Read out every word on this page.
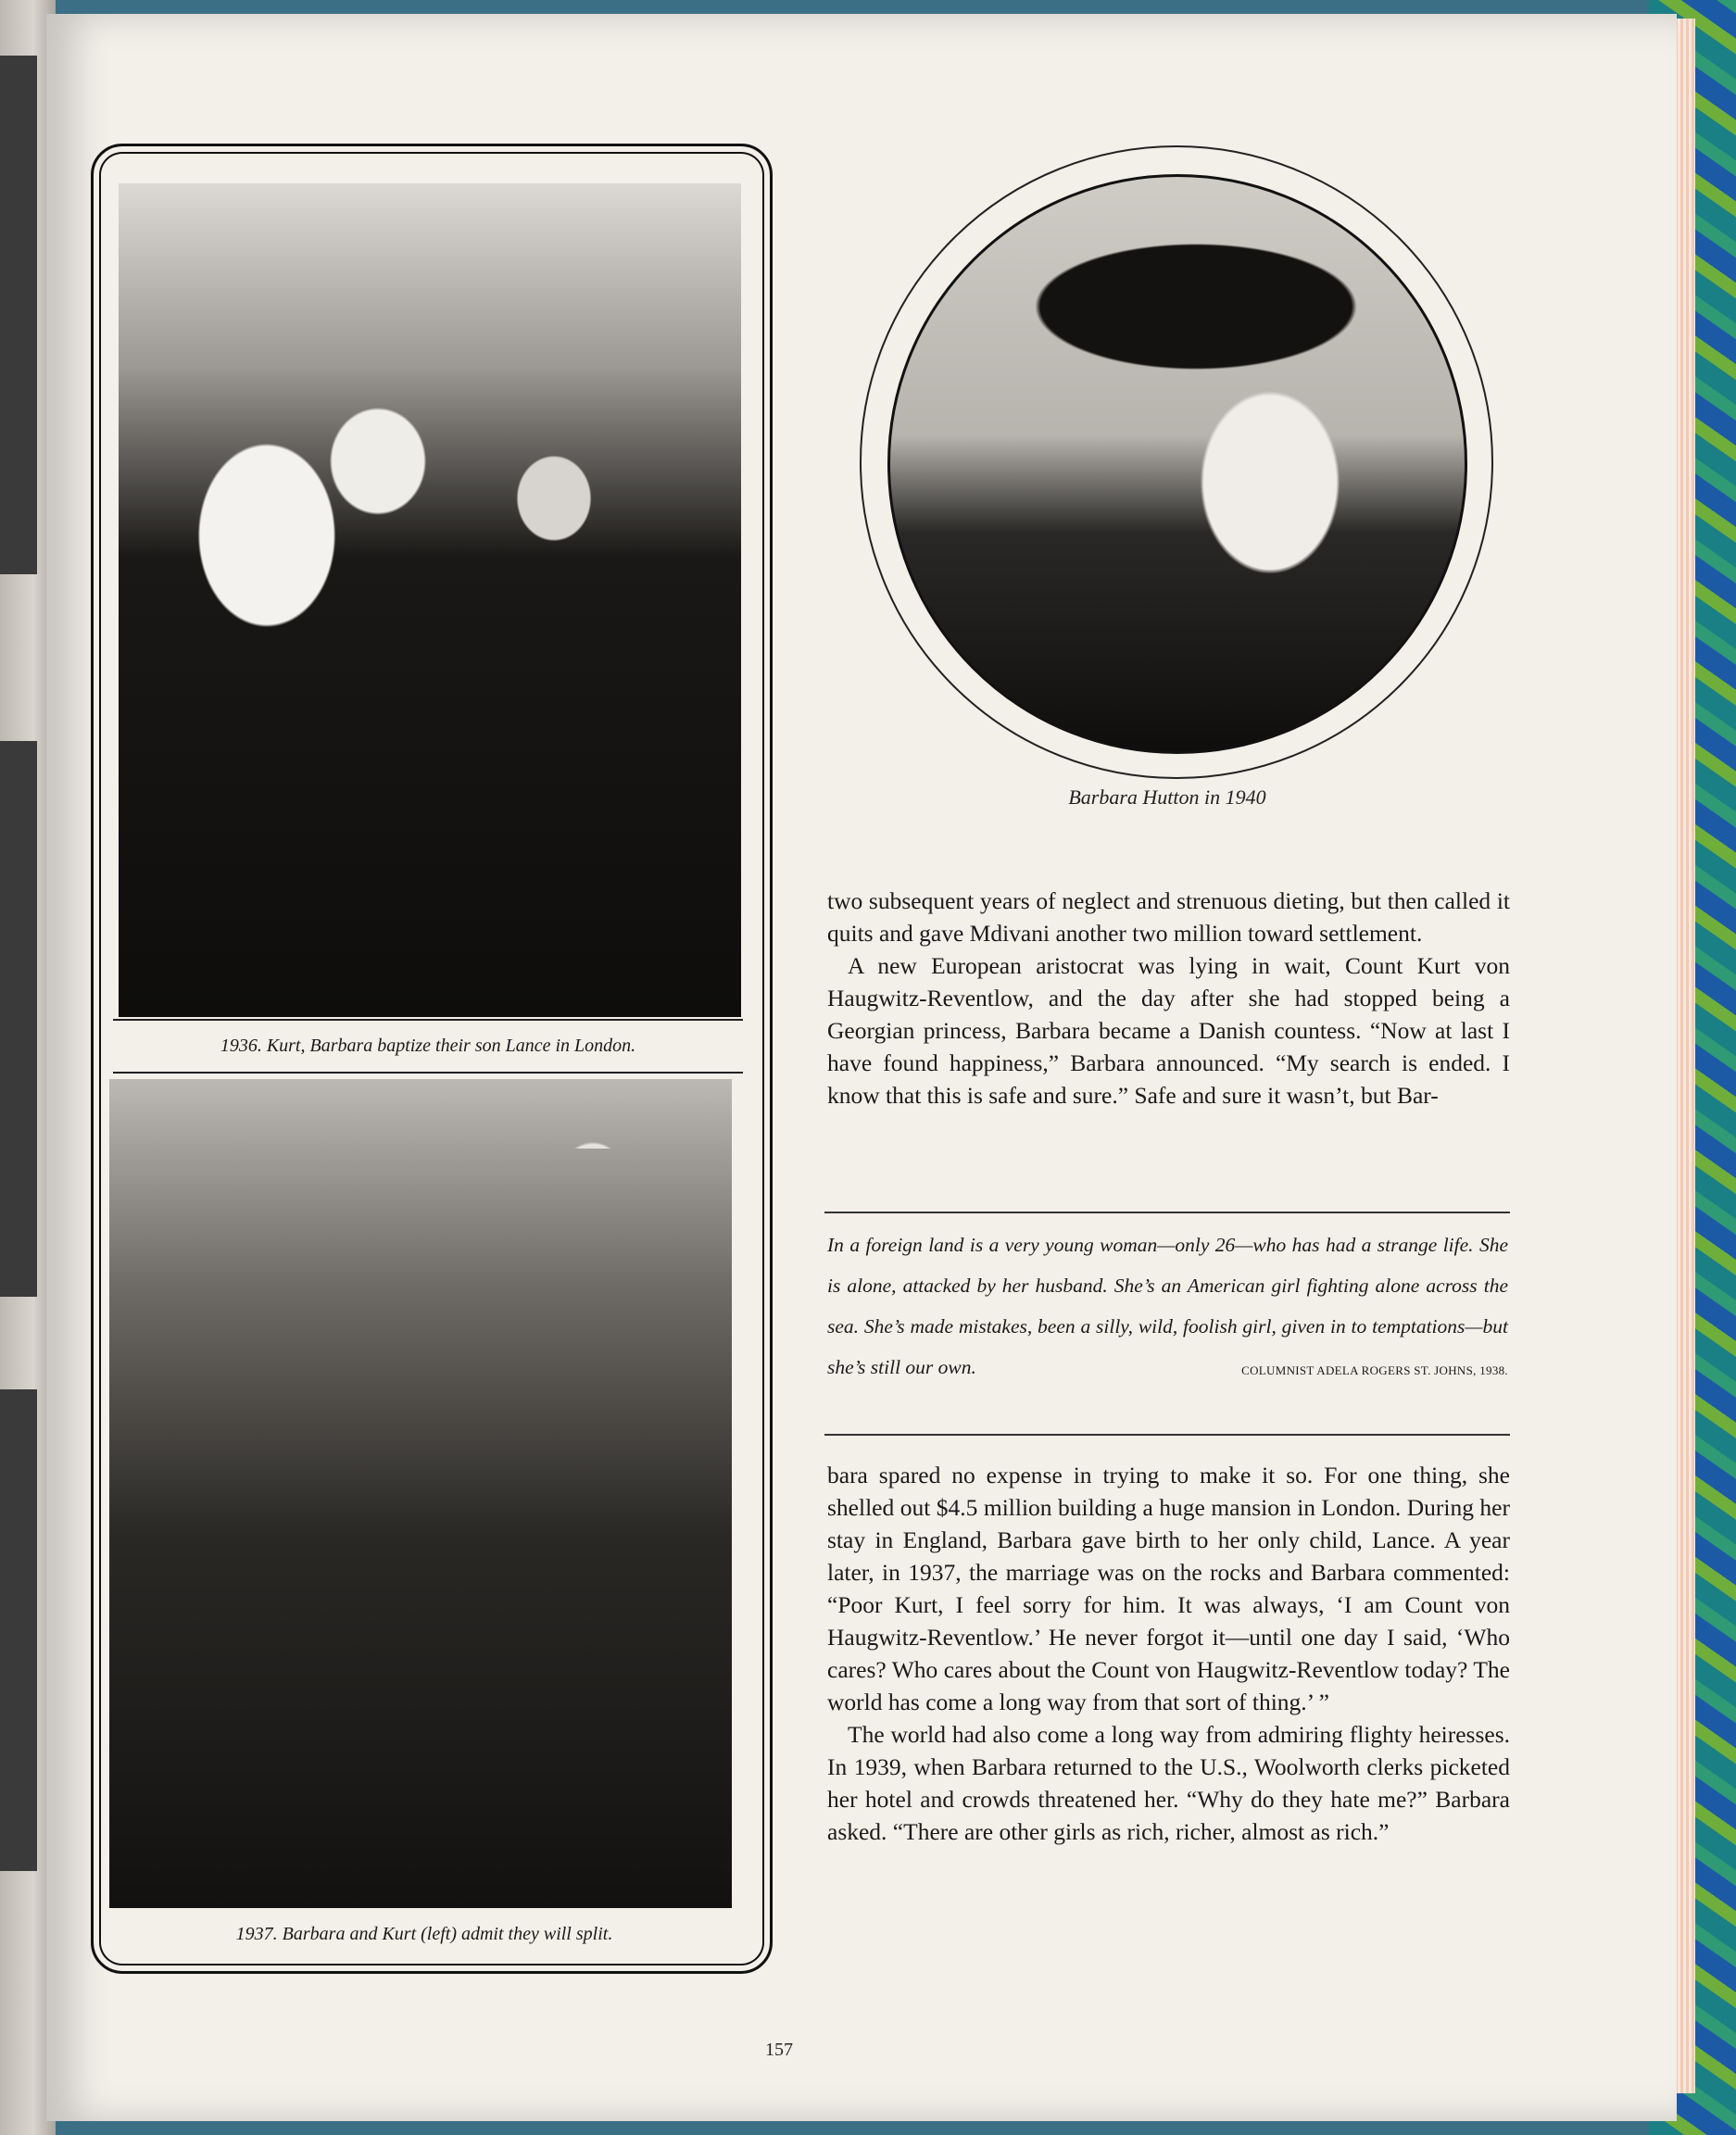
1936. Kurt, Barbara baptize their son Lance in London.
1937. Barbara and Kurt (left) admit they will split.
Barbara Hutton in 1940

two subsequent years of neglect and strenuous dieting, but then called it quits and gave Mdivani another two million toward settlement.

A new European aristocrat was lying in wait, Count Kurt von Haugwitz-Reventlow, and the day after she had stopped being a Georgian princess, Barbara became a Danish countess. “Now at last I have found happiness,” Barbara announced. “My search is ended. I know that this is safe and sure.” Safe and sure it wasn’t, but Bar-

In a foreign land is a very young woman—only 26—who has had a strange life. She is alone, attacked by her husband. She’s an American girl fighting alone across the sea. She’s made mistakes, been a silly, wild, foolish girl, given in to temptations—but she’s still our own.	COLUMNIST ADELA ROGERS ST. JOHNS, 1938.

bara spared no expense in trying to make it so. For one thing, she shelled out $4.5 million building a huge mansion in London. During her stay in England, Barbara gave birth to her only child, Lance. A year later, in 1937, the marriage was on the rocks and Barbara commented: “Poor Kurt, I feel sorry for him. It was always, ‘I am Count von Haugwitz-Reventlow.’ He never forgot it—until one day I said, ‘Who cares? Who cares about the Count von Haugwitz-Reventlow today? The world has come a long way from that sort of thing.’ ”

The world had also come a long way from admiring flighty heiresses. In 1939, when Barbara returned to the U.S., Woolworth clerks picketed her hotel and crowds threatened her. “Why do they hate me?” Barbara asked. “There are other girls as rich, richer, almost as rich.”

157
